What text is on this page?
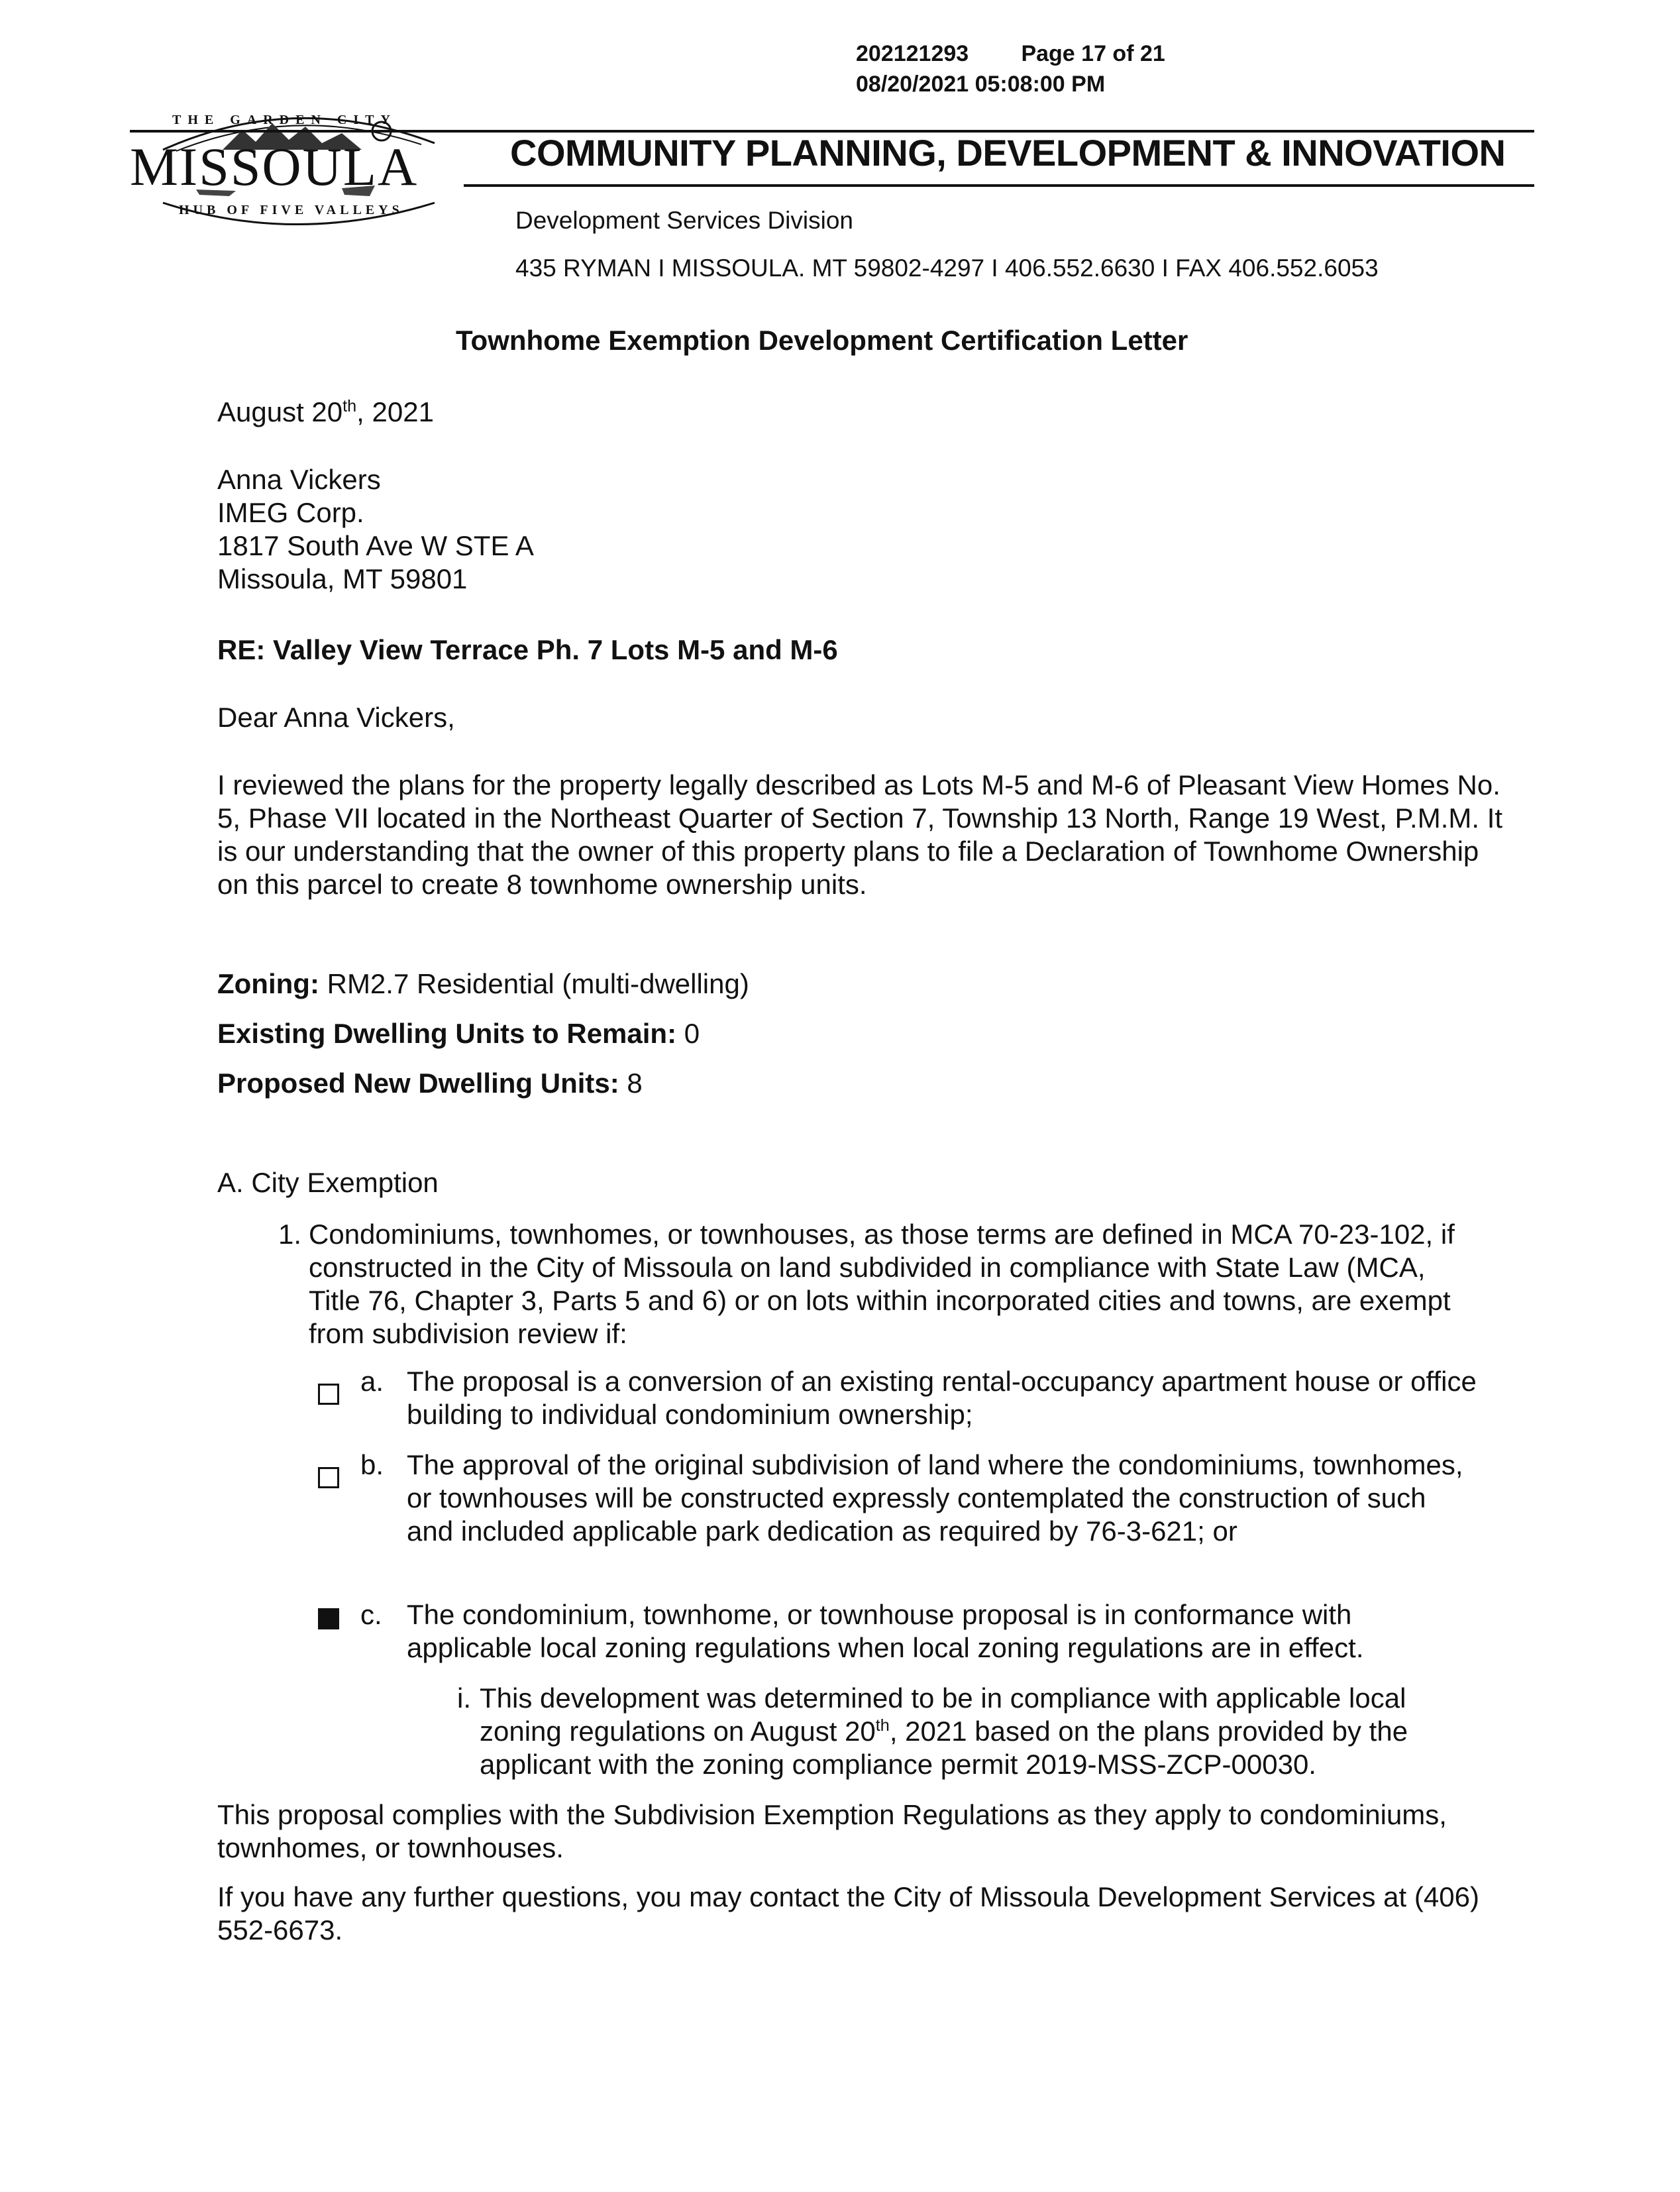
202121293 Page 17 of 21
08/20/2021 05:08:00 PM
THE GARDEN CITY
MISSOULA
HUB OF FIVE VALLEYS
COMMUNITY PLANNING, DEVELOPMENT & INNOVATION
Development Services Division
435 RYMAN I MISSOULA. MT 59802-4297 I 406.552.6630 I FAX 406.552.6053
Townhome Exemption Development Certification Letter
August 20th, 2021
Anna Vickers
IMEG Corp.
1817 South Ave W STE A
Missoula, MT 59801
RE: Valley View Terrace Ph. 7 Lots M-5 and M-6
Dear Anna Vickers,
I reviewed the plans for the property legally described as Lots M-5 and M-6 of Pleasant View Homes No. 5, Phase VII located in the Northeast Quarter of Section 7, Township 13 North, Range 19 West, P.M.M. It is our understanding that the owner of this property plans to file a Declaration of Townhome Ownership on this parcel to create 8 townhome ownership units.
Zoning: RM2.7 Residential (multi-dwelling)
Existing Dwelling Units to Remain: 0
Proposed New Dwelling Units: 8
A. City Exemption
1. Condominiums, townhomes, or townhouses, as those terms are defined in MCA 70-23-102, if constructed in the City of Missoula on land subdivided in compliance with State Law (MCA, Title 76, Chapter 3, Parts 5 and 6) or on lots within incorporated cities and towns, are exempt from subdivision review if:
a. The proposal is a conversion of an existing rental-occupancy apartment house or office building to individual condominium ownership;
b. The approval of the original subdivision of land where the condominiums, townhomes, or townhouses will be constructed expressly contemplated the construction of such and included applicable park dedication as required by 76-3-621; or
c. The condominium, townhome, or townhouse proposal is in conformance with applicable local zoning regulations when local zoning regulations are in effect.
i. This development was determined to be in compliance with applicable local zoning regulations on August 20th, 2021 based on the plans provided by the applicant with the zoning compliance permit 2019-MSS-ZCP-00030.
This proposal complies with the Subdivision Exemption Regulations as they apply to condominiums, townhomes, or townhouses.
If you have any further questions, you may contact the City of Missoula Development Services at (406) 552-6673.
